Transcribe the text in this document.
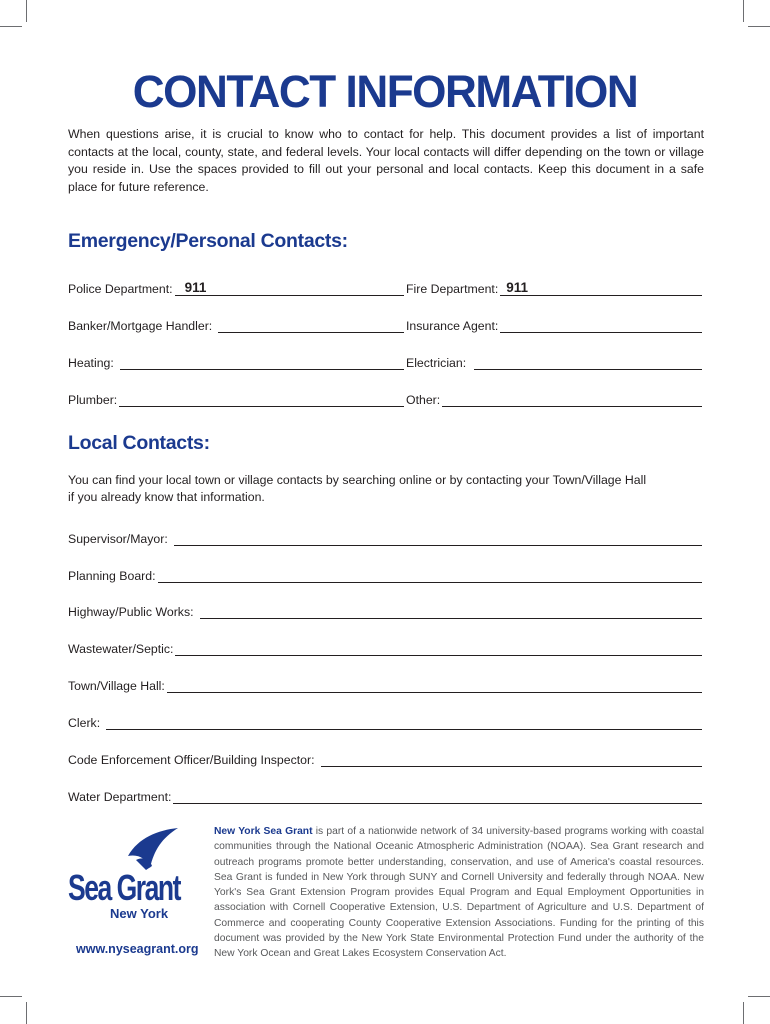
CONTACT INFORMATION
When questions arise, it is crucial to know who to contact for help. This document provides a list of important contacts at the local, county, state, and federal levels. Your local contacts will differ depending on the town or village you reside in. Use the spaces provided to fill out your personal and local contacts. Keep this document in a safe place for future reference.
Emergency/Personal Contacts:
Police Department: 911	Fire Department: 911
Banker/Mortgage Handler:	Insurance Agent:
Heating:	Electrician:
Plumber:	Other:
Local Contacts:
You can find your local town or village contacts by searching online or by contacting your Town/Village Hall
if you already know that information.
Supervisor/Mayor:
Planning Board:
Highway/Public Works:
Wastewater/Septic:
Town/Village Hall:
Clerk:
Code Enforcement Officer/Building Inspector:
Water Department:
Sea Grant
New York
www.nyseagrant.org
New York Sea Grant is part of a nationwide network of 34 university-based programs working with coastal communities through the National Oceanic Atmospheric Administration (NOAA). Sea Grant research and outreach programs promote better understanding, conservation, and use of America's coastal resources. Sea Grant is funded in New York through SUNY and Cornell University and federally through NOAA. New York's Sea Grant Extension Program provides Equal Program and Equal Employment Opportunities in association with Cornell Cooperative Extension, U.S. Department of Agriculture and U.S. Department of Commerce and cooperating County Cooperative Extension Associations. Funding for the printing of this document was provided by the New York State Environmental Protection Fund under the authority of the New York Ocean and Great Lakes Ecosystem Conservation Act.
